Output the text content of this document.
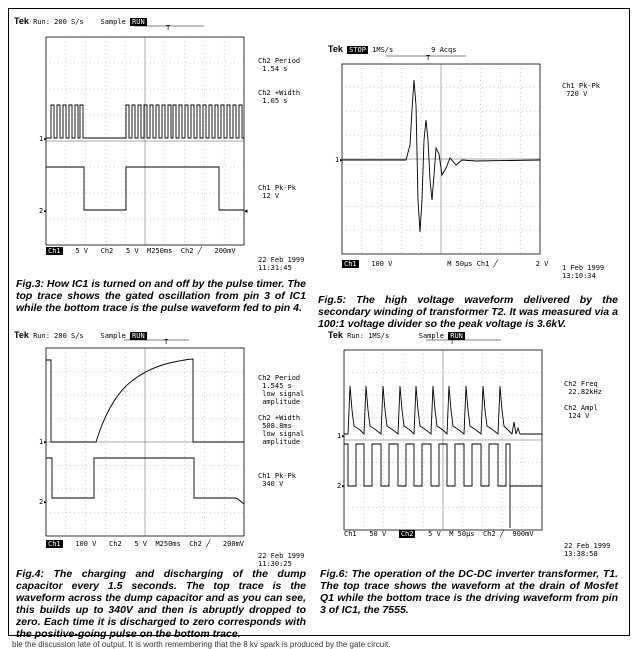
Tek Run: 200 S/s Sample RUN
T
1▸
2▸	◂
Ch2 Period
1.54 s
Ch2 +Width
1.05 s
Ch1 Pk-Pk
12 V
Ch1 5 V Ch2 5 V M250ms Ch2 ╱ 200mV
22 Feb 1999
11:31:45
Fig.3: How IC1 is turned on and off by the pulse timer. The top trace shows the gated oscillation from pin 3 of IC1 while the bottom trace is the pulse waveform fed to pin 4.
Tek STOP 1MS/s	9 Acqs
T
1▸
Ch1 Pk-Pk
720 V
Ch1 100 V	M 50µs Ch1 ╱	2 V 1 Feb 1999
13:10:34
Fig.5: The high voltage waveform delivered by the secondary winding of transformer T2. It was measured via a 100:1 voltage divider so the peak voltage is 3.6kV.
Tek Run: 200 S/s Sample RUN
T
1▸
2▸
Ch2 Period
1.545 s
low signal
amplitude
Ch2 +Width
508.8ms
low signal
amplitude
Ch1 Pk-Pk
340 V
Ch1 100 V Ch2 5 V M250ms Ch2 ╱ 200mV
22 Feb 1999
11:30:25
Fig.4: The charging and discharging of the dump capacitor every 1.5 seconds. The top trace is the waveform across the dump capacitor and as you can see, this builds up to 340V and then is abruptly dropped to zero. Each time it is discharged to zero corresponds with the positive-going pulse on the bottom trace.
Tek Run: 1MS/s	Sample RUN
T
1▸
2▸
Ch2 Freq
22.82kHz
Ch2 Ampl
124 V
Ch1 50 V Ch2 5 V M 50µs Ch2 ╱ 900mV
22 Feb 1999
13:38:58
Fig.6: The operation of the DC-DC inverter transformer, T1. The top trace shows the waveform at the drain of Mosfet Q1 while the bottom trace is the driving waveform from pin 3 of IC1, the 7555.
ble the discussion late of output. It is worth remembering that the 8 kv spark is produced by the gate circuit.
